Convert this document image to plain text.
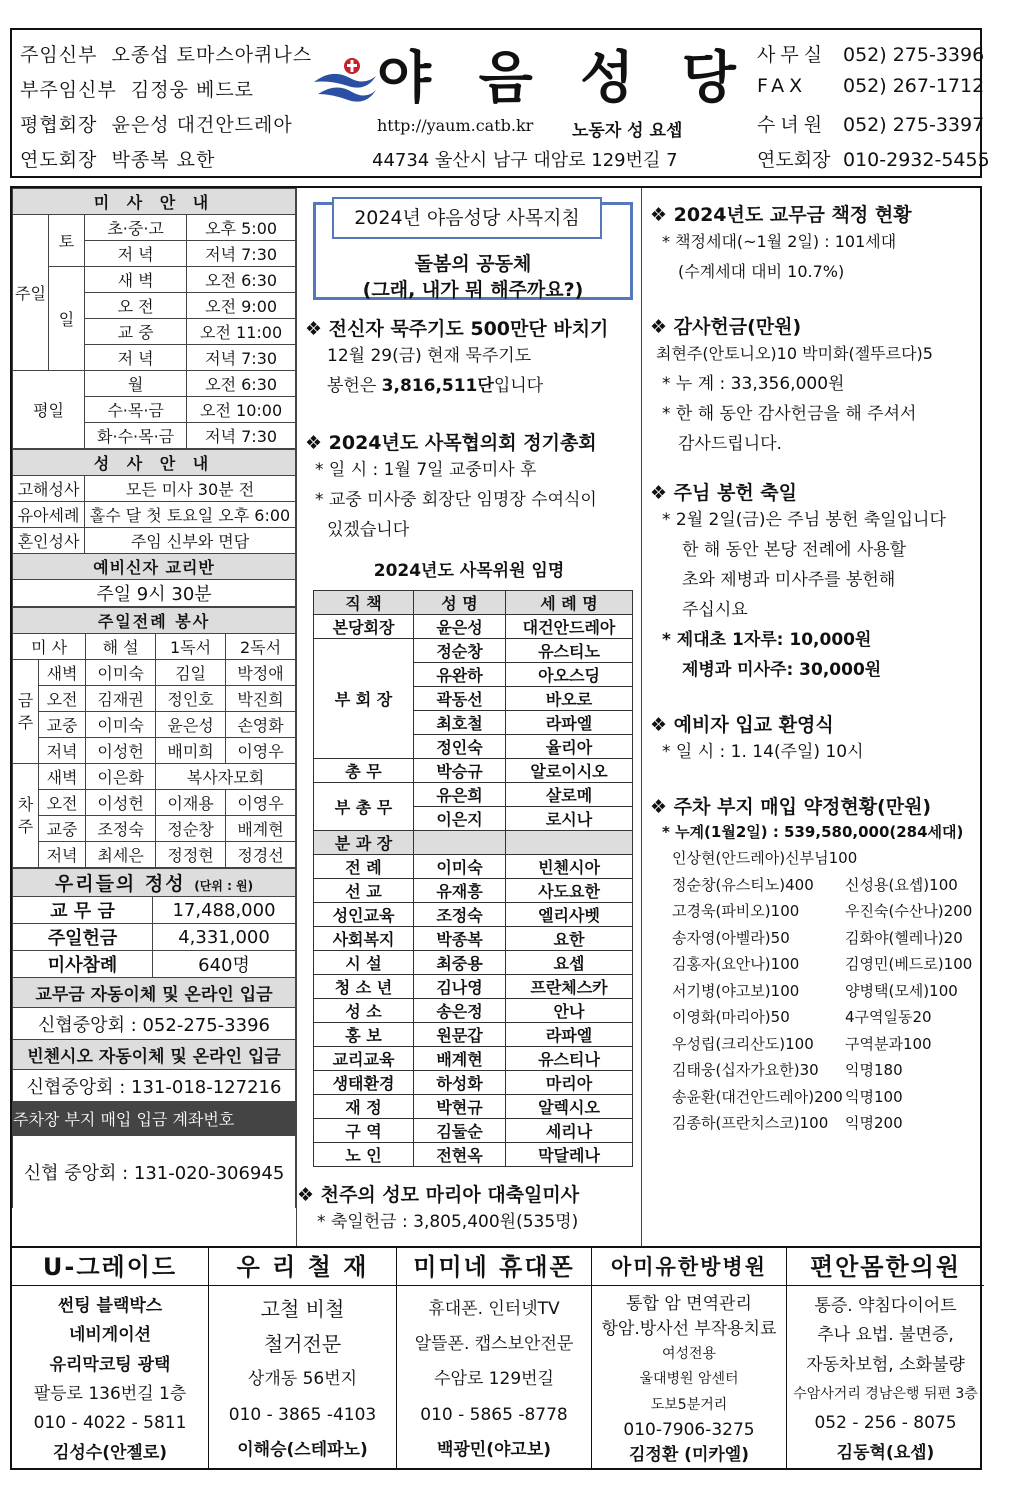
주임신부 오종섭 토마스아퀴나스
부주임신부 김정웅 베드로
평협회장 윤은성 대건안드레아
연도회장 박종복 요한
야 음 성 당
http://yaum.catb.kr 노동자 성 요셉
44734 울산시 남구 대암로 129번길 7
사무실 052) 275-3396
FAX 052) 267-1712
수녀원 052) 275-3397
연도회장 010-2932-5455
미 사 안 내			
주일	토	초·중·고	오후 5:00
		저 녁	저녁 7:30
	일	새 벽	오전 6:30
		오 전	오전 9:00
		교 중	오전 11:00
		저 녁	저녁 7:30
평일		월	오전 6:30
		수·목·금	오전 10:00
		화·수·목·금	저녁 7:30
성 사 안 내	
고해성사	모든 미사 30분 전
유아세례	홀수 달 첫 토요일 오후 6:00
혼인성사	주임 신부와 면담
예비신자 교리반	
주일 9시 30분	
주일전례 봉사				
미 사		해 설	1독서	2독서
금주	새벽	이미숙	김일	박정애
	오전	김재권	정인호	박진희
	교중	이미숙	윤은성	손영화
	저녁	이성헌	배미희	이영우
차주	새벽	이은화	복사자모회	
	오전	이성헌	이재용	이영우
	교중	조정숙	정순창	배계현
	저녁	최세은	정정현	정경선
우리들의 정성 (단위 : 원)	
교 무 금	17,488,000
주일헌금	4,331,000
미사참례	640명
교무금 자동이체 및 온라인 입금	
신협중앙회 : 052-275-3396	
빈첸시오 자동이체 및 온라인 입금	
신협중앙회 : 131-018-127216	
주차장 부지 매입 입금 계좌번호	
신협 중앙회 : 131-020-306945	
2024년 야음성당 사목지침
돌봄의 공동체
(그래, 내가 뭐 해주까요?)
❖ 전신자 묵주기도 500만단 바치기
12월 29(금) 현재 묵주기도
봉헌은 3,816,511단입니다
❖ 2024년도 사목협의회 정기총회
* 일 시 : 1월 7일 교중미사 후
* 교중 미사중 회장단 임명장 수여식이
있겠습니다
2024년도 사목위원 임명
직 책	성 명	세 례 명
본당회장	윤은성	대건안드레아
부 회 장	정순창	유스티노
	유완하	아오스딩
	곽동선	바오로
	최호철	라파엘
	정인숙	율리아
총 무	박승규	알로이시오
부 총 무	유은희	살로메
	이은지	로시나
분 과 장		
전 례	이미숙	빈첸시아
선 교	유재흥	사도요한
성인교육	조정숙	엘리사벳
사회복지	박종복	요한
시 설	최중용	요셉
청 소 년	김나영	프란체스카
성 소	송은정	안나
홍 보	원문갑	라파엘
교리교육	배계현	유스티나
생태환경	하성화	마리아
재 정	박현규	알렉시오
구 역	김둘순	세리나
노 인	전현옥	막달레나
❖ 천주의 성모 마리아 대축일미사
* 축일헌금 : 3,805,400원(535명)
❖ 2024년도 교무금 책정 현황
* 책정세대(~1월 2일) : 101세대
(수계세대 대비 10.7%)
❖ 감사헌금(만원)
최현주(안토니오)10 박미화(젤뚜르다)5
* 누 계 : 33,356,000원
* 한 해 동안 감사헌금을 해 주셔서
감사드립니다.
❖ 주님 봉헌 축일
* 2월 2일(금)은 주님 봉헌 축일입니다
한 해 동안 본당 전례에 사용할
초와 제병과 미사주를 봉헌해
주십시요
* 제대초 1자루: 10,000원
제병과 미사주: 30,000원
❖ 예비자 입교 환영식
* 일 시 : 1. 14(주일) 10시
❖ 주차 부지 매입 약정현황(만원)
* 누계(1월2일) : 539,580,000(284세대)
인상현(안드레아)신부님100
정순창(유스티노)400 신성용(요셉)100
고경욱(파비오)100	우진숙(수산나)200
송자영(아벨라)50	김화야(헬레나)20
김홍자(요안나)100	김영민(베드로)100
서기병(야고보)100	양병택(모세)100
이영화(마리아)50	4구역일동20
우성립(크리산도)100 구역분과100
김태웅(십자가요한)30 익명180
송윤환(대건안드레아)200 익명100
김종하(프란치스코)100 익명200
U-그레이드
썬팅 블랙박스
네비게이션
유리막코팅 광택
팔등로 136번길 1층
010 - 4022 - 5811
김성수(안젤로)
우 리 철 재
고철 비철
철거전문
상개동 56번지
010 - 3865 -4103
이해승(스테파노)
미미네 휴대폰
휴대폰. 인터넷TV
알뜰폰. 캡스보안전문
수암로 129번길
010 - 5865 -8778
백광민(야고보)
아미유한방병원
통합 암 면역관리
항암.방사선 부작용치료
여성전용
울대병원 암센터
도보5분거리
010-7906-3275
김정환 (미카엘)
편안몸한의원
통증. 약침다이어트
추나 요법. 불면증,
자동차보험, 소화불량
수암사거리 경남은행 뒤편 3층
052 - 256 - 8075
김동혁(요셉)
